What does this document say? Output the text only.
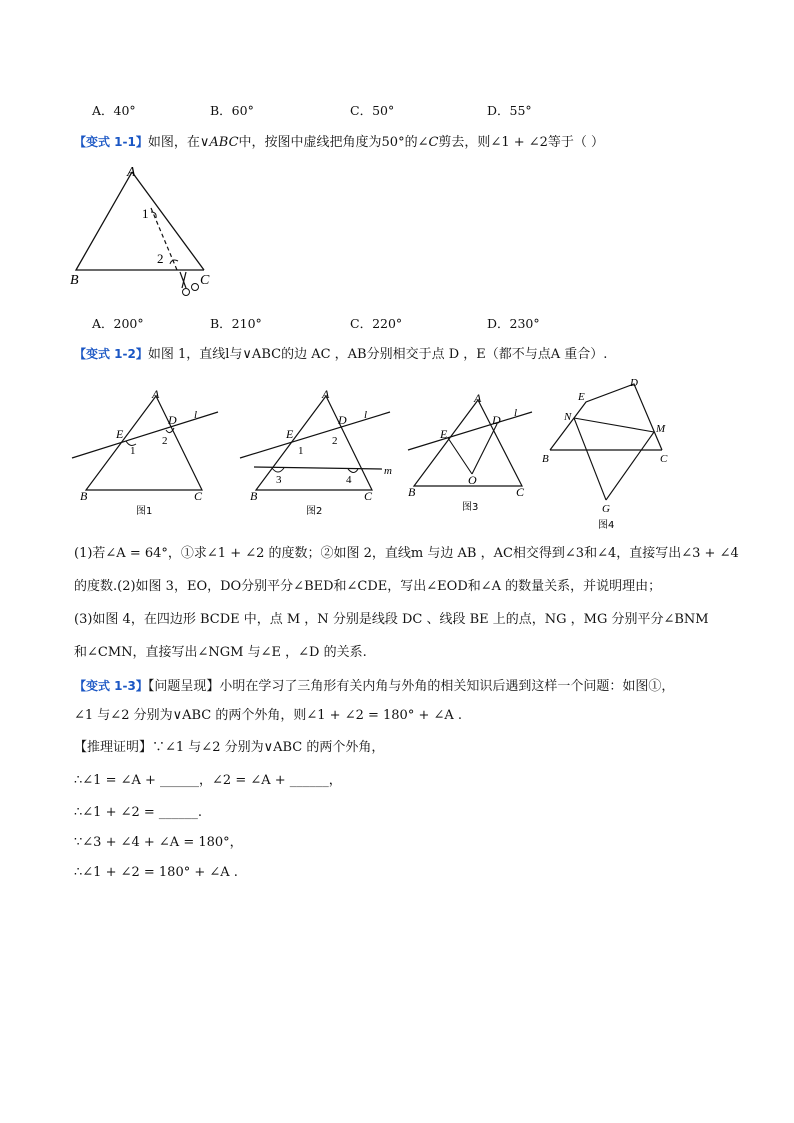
A．40°	B．60°	C．50°	D．55°
【变式 1-1】如图，在∨ABC中，按图中虚线把角度为50°的∠C剪去，则∠1 + ∠2等于（ ）
A
B	C
1
2
A．200°	B．210°	C．220°	D．230°
【变式 1-2】如图 1，直线l与∨ABC的边 AC ，AB分别相交于点 D ，E（都不与点A 重合）.
A
E
D l
1
2
B	C
图1
A
E
D l
m
1
2
3	4
B	C
图2
A
E
D l
O
B	C
图3
E
D
N
M
B	C
G
图4
(1)若∠A = 64°，①求∠1 + ∠2 的度数；②如图 2，直线m 与边 AB ，AC相交得到∠3和∠4，直接写出∠3 + ∠4
的度数.(2)如图 3，EO，DO分别平分∠BED和∠CDE，写出∠EOD和∠A 的数量关系，并说明理由；
(3)如图 4，在四边形 BCDE 中，点 M ，N 分别是线段 DC 、线段 BE 上的点，NG ，MG 分别平分∠BNM
和∠CMN，直接写出∠NGM 与∠E ，∠D 的关系.
【变式 1-3】【问题呈现】小明在学习了三角形有关内角与外角的相关知识后遇到这样一个问题：如图①，
∠1 与∠2 分别为∨ABC 的两个外角，则∠1 + ∠2 = 180° + ∠A .
【推理证明】∵∠1 与∠2 分别为∨ABC 的两个外角，
∴∠1 = ∠A + ______，∠2 = ∠A + ______，
∴∠1 + ∠2 = ______.
∵∠3 + ∠4 + ∠A = 180°，
∴∠1 + ∠2 = 180° + ∠A .
